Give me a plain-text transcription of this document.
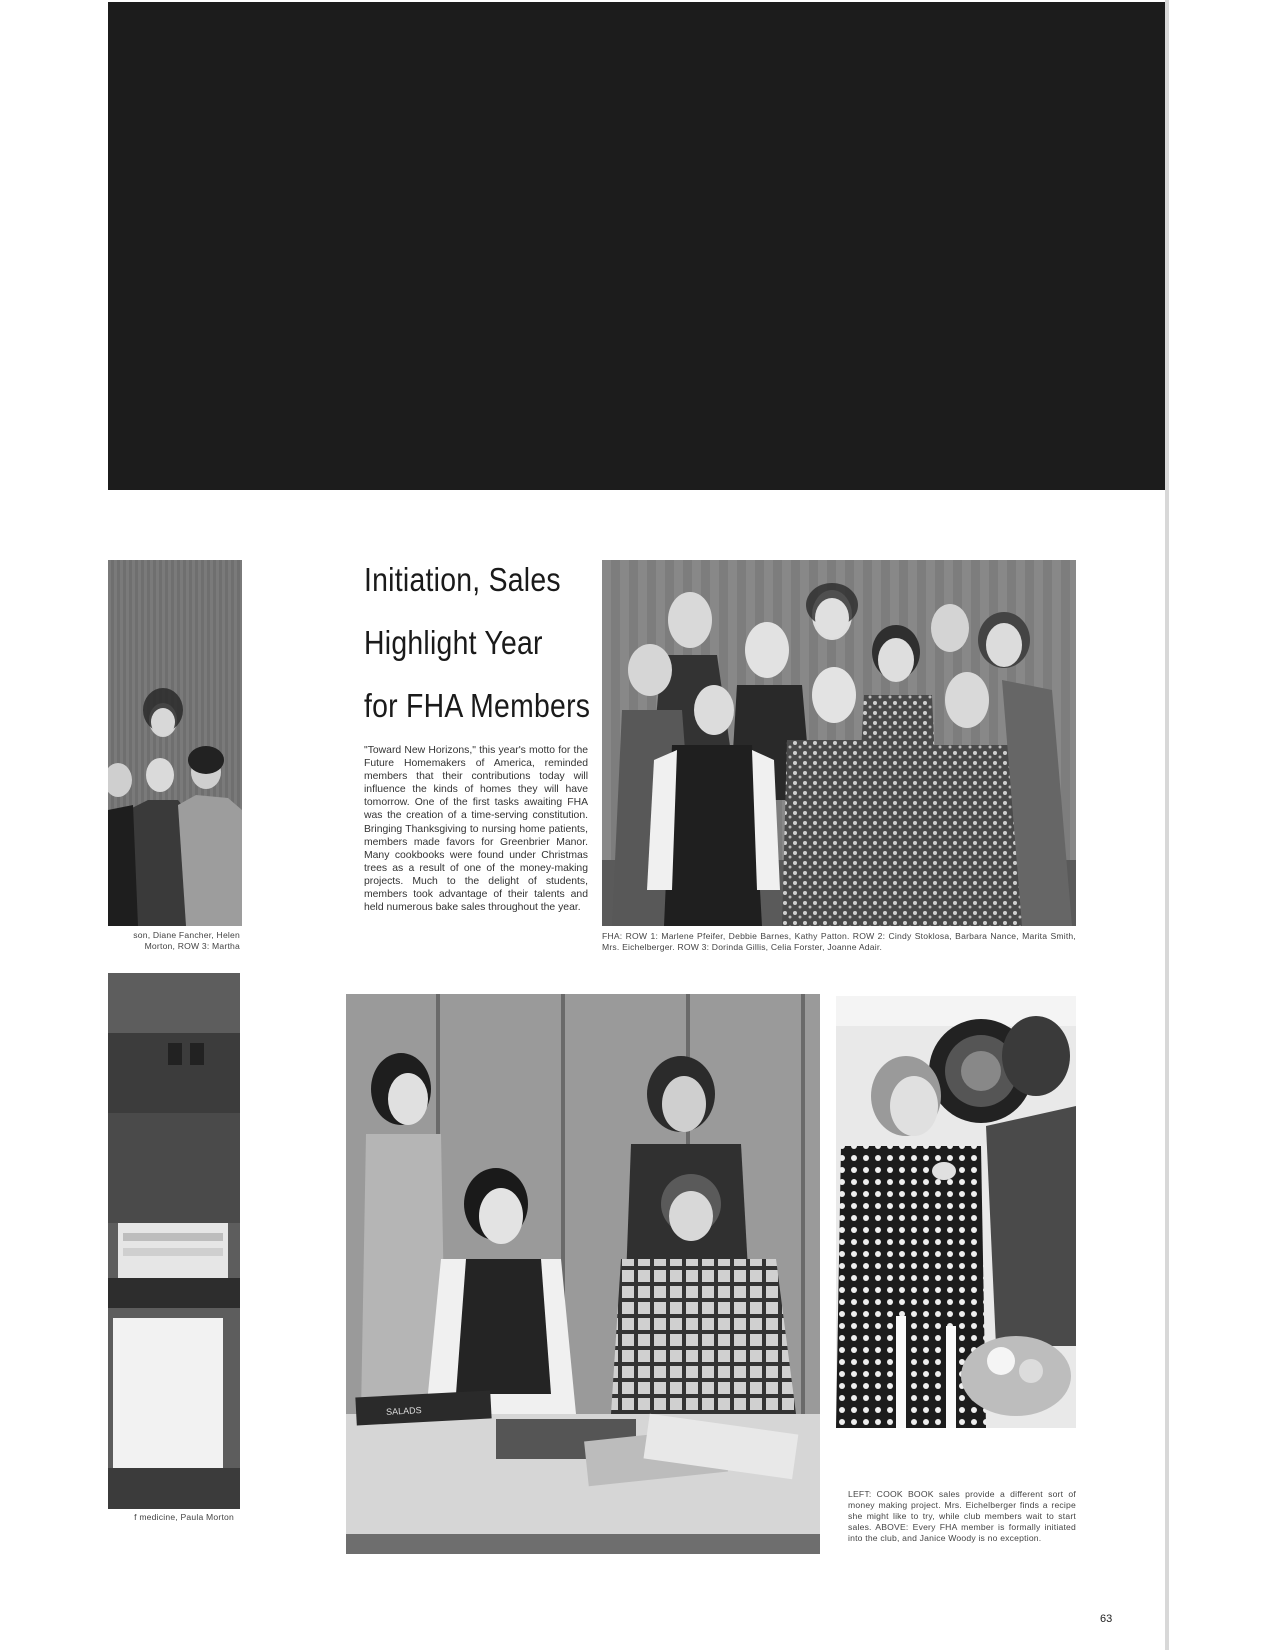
son, Diane Fancher, Helen Morton, ROW 3: Martha
f medicine, Paula Morton
Initiation, Sales
Highlight Year
for FHA Members
"Toward New Horizons," this year's motto for the Future Homemakers of America, reminded members that their contributions today will influence the kinds of homes they will have tomorrow. One of the first tasks awaiting FHA was the creation of a time-serving constitution. Bringing Thanksgiving to nursing home patients, members made favors for Greenbrier Manor. Many cookbooks were found under Christmas trees as a result of one of the money-making projects. Much to the delight of students, members took advantage of their talents and held numerous bake sales throughout the year.
FHA: ROW 1: Marlene Pfeifer, Debbie Barnes, Kathy Patton. ROW 2: Cindy Stoklosa, Barbara Nance, Marita Smith, Mrs. Eichelberger. ROW 3: Dorinda Gillis, Celia Forster, Joanne Adair.
SALADS
LEFT: COOK BOOK sales provide a different sort of money making project. Mrs. Eichelberger finds a recipe she might like to try, while club members wait to start sales. ABOVE: Every FHA member is formally initiated into the club, and Janice Woody is no exception.
63
